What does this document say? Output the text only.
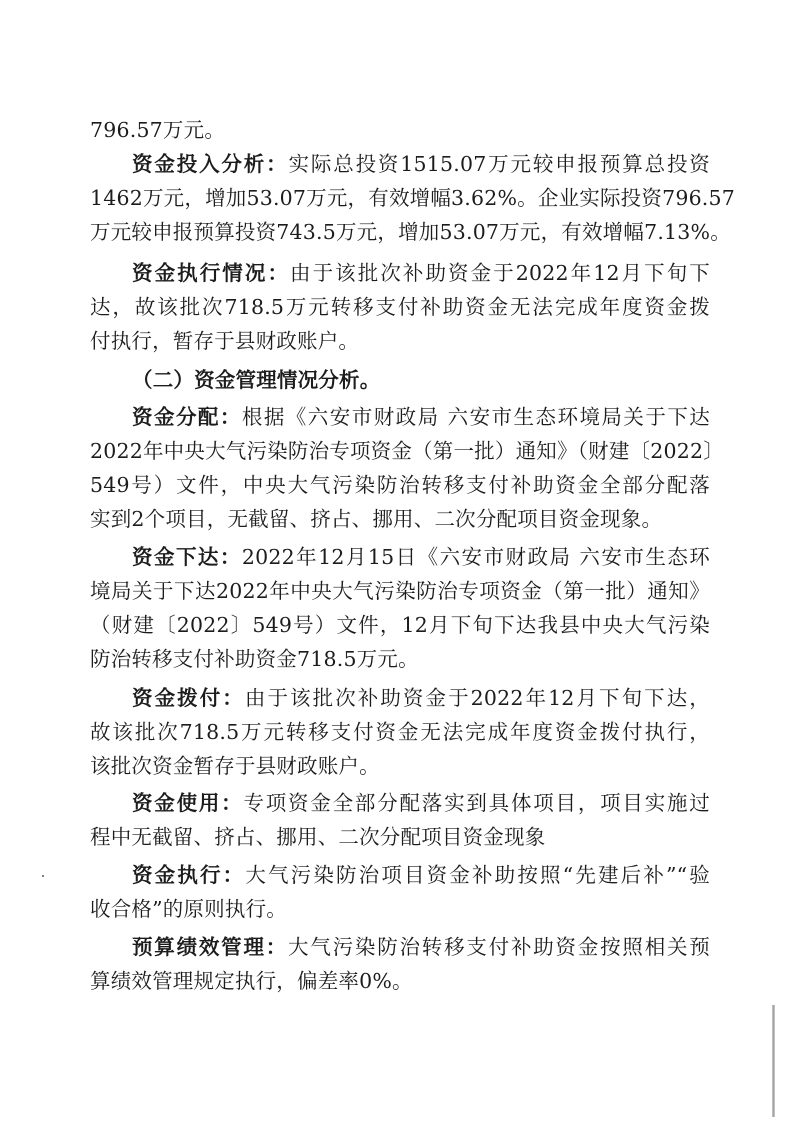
796.57万元。
资金投入分析：实际总投资1515.07万元较申报预算总投资
1462万元，增加53.07万元，有效增幅3.62%。企业实际投资796.57
万元较申报预算投资743.5万元，增加53.07万元，有效增幅7.13%。
资金执行情况：由于该批次补助资金于2022年12月下旬下
达，故该批次718.5万元转移支付补助资金无法完成年度资金拨
付执行，暂存于县财政账户。
（二）资金管理情况分析。
资金分配：根据《六安市财政局 六安市生态环境局关于下达
2022年中央大气污染防治专项资金（第一批）通知》（财建〔2022〕
549号）文件，中央大气污染防治转移支付补助资金全部分配落
实到2个项目，无截留、挤占、挪用、二次分配项目资金现象。
资金下达：2022年12月15日《六安市财政局 六安市生态环
境局关于下达2022年中央大气污染防治专项资金（第一批）通知》
（财建〔2022〕549号）文件，12月下旬下达我县中央大气污染
防治转移支付补助资金718.5万元。
资金拨付：由于该批次补助资金于2022年12月下旬下达，
故该批次718.5万元转移支付资金无法完成年度资金拨付执行，
该批次资金暂存于县财政账户。
资金使用：专项资金全部分配落实到具体项目，项目实施过
程中无截留、挤占、挪用、二次分配项目资金现象
资金执行：大气污染防治项目资金补助按照“先建后补”“验
收合格”的原则执行。
预算绩效管理：大气污染防治转移支付补助资金按照相关预
算绩效管理规定执行，偏差率0%。
